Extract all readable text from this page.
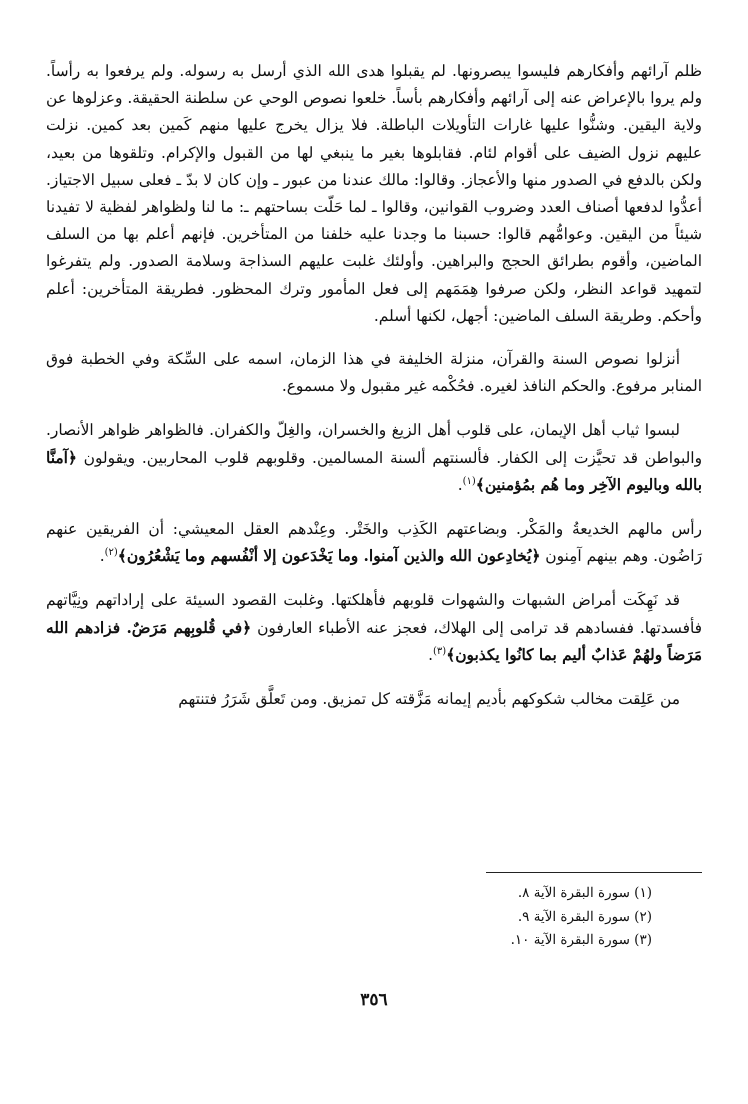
ظلم آرائهم وأفكارهم فليسوا يبصرونها. لم يقبلوا هدى الله الذي أرسل به رسوله. ولم يرفعوا به رأساً. ولم يروا بالإعراض عنه إلى آرائهم وأفكارهم بأساً. خلعوا نصوص الوحي عن سلطنة الحقيقة. وعزلوها عن ولاية اليقين. وشنُّوا عليها غارات التأويلات الباطلة. فلا يزال يخرج عليها منهم كَمين بعد كمين. نزلت عليهم نزول الضيف على أقوام لئام. فقابلوها بغير ما ينبغي لها من القبول والإكرام. وتلقوها من بعيد، ولكن بالدفع في الصدور منها والأعجاز. وقالوا: مالك عندنا من عبور ـ وإن كان لا بدّ ـ فعلى سبيل الاجتياز. أعدُّوا لدفعها أصناف العدد وضروب القوانين، وقالوا ـ لما حَلّت بساحتهم ـ: ما لنا ولظواهر لفظية لا تفيدنا شيئاً من اليقين. وعوامُّهم قالوا: حسبنا ما وجدنا عليه خلفنا من المتأخرين. فإنهم أعلم بها من السلف الماضين، وأقوم بطرائق الحجج والبراهين. وأولئك غلبت عليهم السذاجة وسلامة الصدور. ولم يتفرغوا لتمهيد قواعد النظر، ولكن صرفوا هِمَمَهم إلى فعل المأمور وترك المحظور. فطريقة المتأخرين: أعلم وأحكم. وطريقة السلف الماضين: أجهل، لكنها أسلم.

أنزلوا نصوص السنة والقرآن، منزلة الخليفة في هذا الزمان، اسمه على السِّكة وفي الخطبة فوق المنابر مرفوع. والحكم النافذ لغيره. فحُكْمه غير مقبول ولا مسموع.

لبسوا ثياب أهل الإيمان، على قلوب أهل الزيغ والخسران، والغِلّ والكفران. فالظواهر ظواهر الأنصار. والبواطن قد تحيَّزت إلى الكفار. فألسنتهم ألسنة المسالمين. وقلوبهم قلوب المحاربين. ويقولون ﴿آمنَّا بالله وباليوم الآخِر وما هُم بمُؤمنين﴾$^{(١)}$.

رأس مالهم الخديعةُ والمَكْر. وبضاعتهم الكَذِب والخَتْر. وعِنْدهم العقل المعيشي: أن الفريقين عنهم رَاضُون. وهم بينهم آمِنون ﴿يُخادِعون الله والذين آمنوا. وما يَخْدَعون إلا أنْفُسهم وما يَشْعُرُون﴾$^{(٢)}$.

قد نَهِكَت أمراض الشبهات والشهوات قلوبهم فأهلكتها. وغلبت القصود السيئة على إراداتهم ونِيَّاتهم فأفسدتها. ففسادهم قد ترامى إلى الهلاك، فعجز عنه الأطباء العارفون ﴿في قُلوبِهم مَرَضٌ. فزادهم الله مَرَضاً ولهُمْ عَذابٌ أليم بما كانُوا يكذبون﴾$^{(٣)}$.

من عَلِقت مخالب شكوكهم بأديم إيمانه مَزَّقته كل تمزيق. ومن تَعلَّق شَرَرُ فتنتهم

(١) سورة البقرة الآية ٨.
(٢) سورة البقرة الآية ٩.
(٣) سورة البقرة الآية ١٠.
٣٥٦
